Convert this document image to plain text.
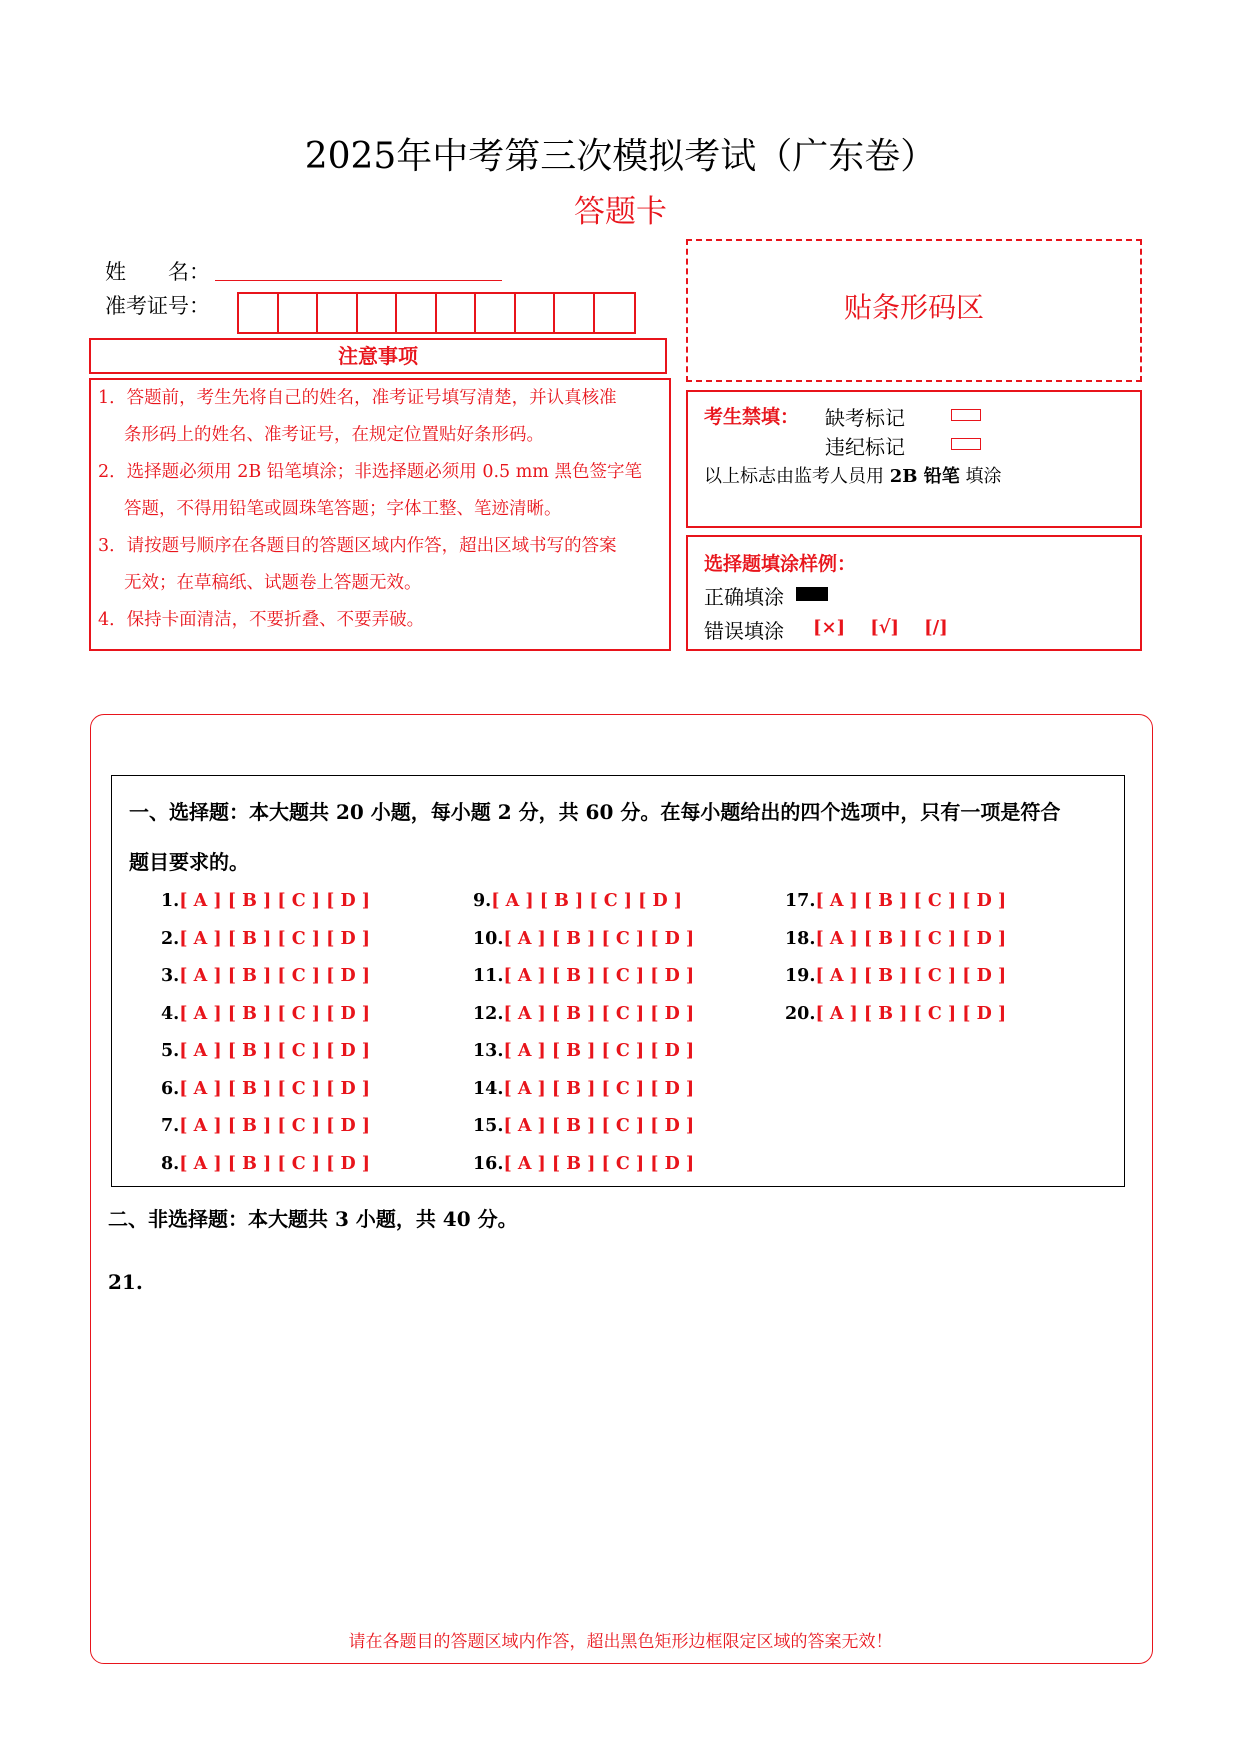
2025年中考第三次模拟考试（广东卷）
答题卡
姓　　名：
准考证号：
注意事项
1．答题前，考生先将自己的姓名，准考证号填写清楚，并认真核准
条形码上的姓名、准考证号，在规定位置贴好条形码。
2．选择题必须用 2B 铅笔填涂；非选择题必须用 0.5 mm 黑色签字笔
答题，不得用铅笔或圆珠笔答题；字体工整、笔迹清晰。
3．请按题号顺序在各题目的答题区域内作答，超出区域书写的答案
无效；在草稿纸、试题卷上答题无效。
4．保持卡面清洁，不要折叠、不要弄破。
贴条形码区
考生禁填： 缺考标记
违纪标记
以上标志由监考人员用 2B 铅笔 填涂
选择题填涂样例：
正确填涂
错误填涂 [×] [√] [/]
一、选择题：本大题共 20 小题，每小题 2 分，共 60 分。在每小题给出的四个选项中，只有一项是符合
题目要求的。
1.[ A ] [ B ] [ C ] [ D ]
2.[ A ] [ B ] [ C ] [ D ]
3.[ A ] [ B ] [ C ] [ D ]
4.[ A ] [ B ] [ C ] [ D ]
5.[ A ] [ B ] [ C ] [ D ]
6.[ A ] [ B ] [ C ] [ D ]
7.[ A ] [ B ] [ C ] [ D ]
8.[ A ] [ B ] [ C ] [ D ]
9.[ A ] [ B ] [ C ] [ D ]
10.[ A ] [ B ] [ C ] [ D ]
11.[ A ] [ B ] [ C ] [ D ]
12.[ A ] [ B ] [ C ] [ D ]
13.[ A ] [ B ] [ C ] [ D ]
14.[ A ] [ B ] [ C ] [ D ]
15.[ A ] [ B ] [ C ] [ D ]
16.[ A ] [ B ] [ C ] [ D ]
17.[ A ] [ B ] [ C ] [ D ]
18.[ A ] [ B ] [ C ] [ D ]
19.[ A ] [ B ] [ C ] [ D ]
20.[ A ] [ B ] [ C ] [ D ]
二、非选择题：本大题共 3 小题，共 40 分。
21.
请在各题目的答题区域内作答，超出黑色矩形边框限定区域的答案无效！
